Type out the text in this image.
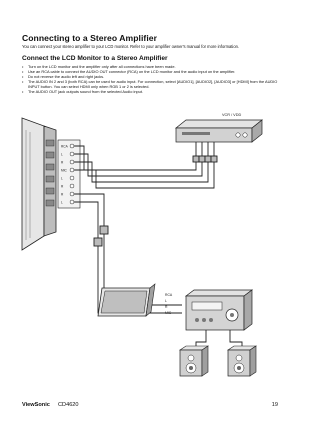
Connecting to a Stereo Amplifier

You can connect your stereo amplifier to your LCD monitor. Refer to your amplifier owner's manual for more information.

Connect the LCD Monitor to a Stereo Amplifier
• Turn on the LCD monitor and the amplifier only after all connections have been made.
• Use an RCA cable to connect the AUDIO OUT connector (RCA) on the LCD monitor and the audio input on the amplifier.
• Do not reverse the audio left and right jacks.
• The AUDIO IN 2 and 3 (both RCA) can be used for audio input. For connection, select [AUDIO1], [AUDIO2], [AUDIO3] or [HDMI] from the AUDIO INPUT button. You can select HDMI only when RGB 1 or 2 is selected.
• The AUDIO OUT jack outputs sound from the selected Audio input.
RCA
L
R
MIC
L
R
R
L
VCR / VDD
RCA
L
R
MIC
ViewSonic CD4620	19
